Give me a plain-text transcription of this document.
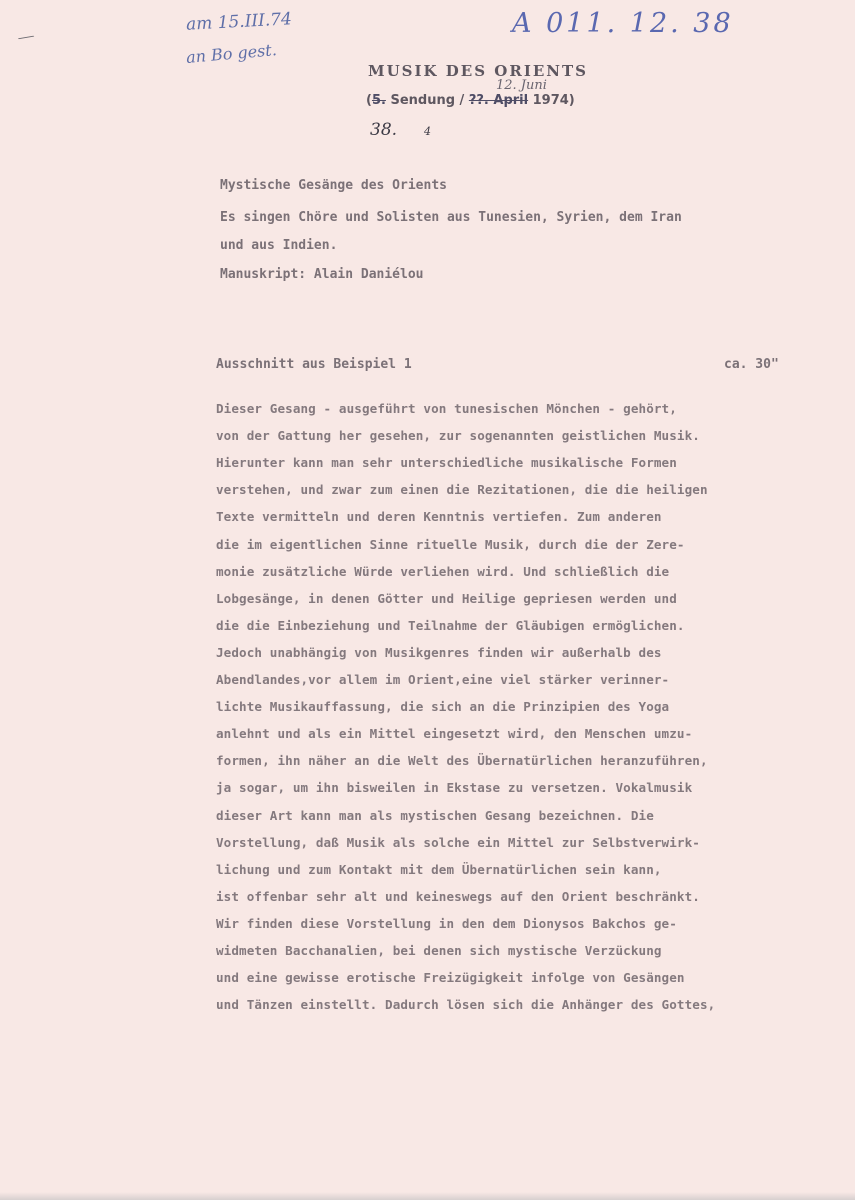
⟋
am 15.III.74
an Bo gest.
A 011. 12. 38
MUSIK DES ORIENTS
12. Juni
(5. Sendung / ??. April 1974)
38. 4
Mystische Gesänge des Orients
Es singen Chöre und Solisten aus Tunesien, Syrien, dem Iran
und aus Indien.
Manuskript: Alain Daniélou
Ausschnitt aus Beispiel 1	ca. 30"
Dieser Gesang - ausgeführt von tunesischen Mönchen - gehört,
von der Gattung her gesehen, zur sogenannten geistlichen Musik.
Hierunter kann man sehr unterschiedliche musikalische Formen
verstehen, und zwar zum einen die Rezitationen, die die heiligen
Texte vermitteln und deren Kenntnis vertiefen. Zum anderen
die im eigentlichen Sinne rituelle Musik, durch die der Zere-
monie zusätzliche Würde verliehen wird. Und schließlich die
Lobgesänge, in denen Götter und Heilige gepriesen werden und
die die Einbeziehung und Teilnahme der Gläubigen ermöglichen.
Jedoch unabhängig von Musikgenres finden wir außerhalb des
Abendlandes,vor allem im Orient,eine viel stärker verinner-
lichte Musikauffassung, die sich an die Prinzipien des Yoga
anlehnt und als ein Mittel eingesetzt wird, den Menschen umzu-
formen, ihn näher an die Welt des Übernatürlichen heranzuführen,
ja sogar, um ihn bisweilen in Ekstase zu versetzen. Vokalmusik
dieser Art kann man als mystischen Gesang bezeichnen. Die
Vorstellung, daß Musik als solche ein Mittel zur Selbstverwirk-
lichung und zum Kontakt mit dem Übernatürlichen sein kann,
ist offenbar sehr alt und keineswegs auf den Orient beschränkt.
Wir finden diese Vorstellung in den dem Dionysos Bakchos ge-
widmeten Bacchanalien, bei denen sich mystische Verzückung
und eine gewisse erotische Freizügigkeit infolge von Gesängen
und Tänzen einstellt. Dadurch lösen sich die Anhänger des Gottes,
